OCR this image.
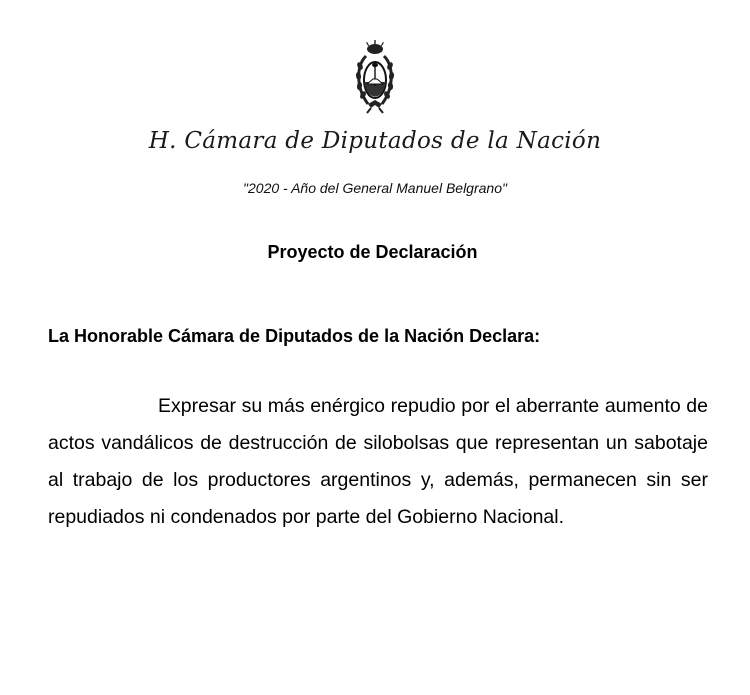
H. Cámara de Diputados de la Nación
"2020 - Año del General Manuel Belgrano"
Proyecto de Declaración
La Honorable Cámara de Diputados de la Nación Declara:

Expresar su más enérgico repudio por el aberrante aumento de actos vandálicos de destrucción de silobolsas que representan un sabotaje al trabajo de los productores argentinos y, además, permanecen sin ser repudiados ni condenados por parte del Gobierno Nacional.
